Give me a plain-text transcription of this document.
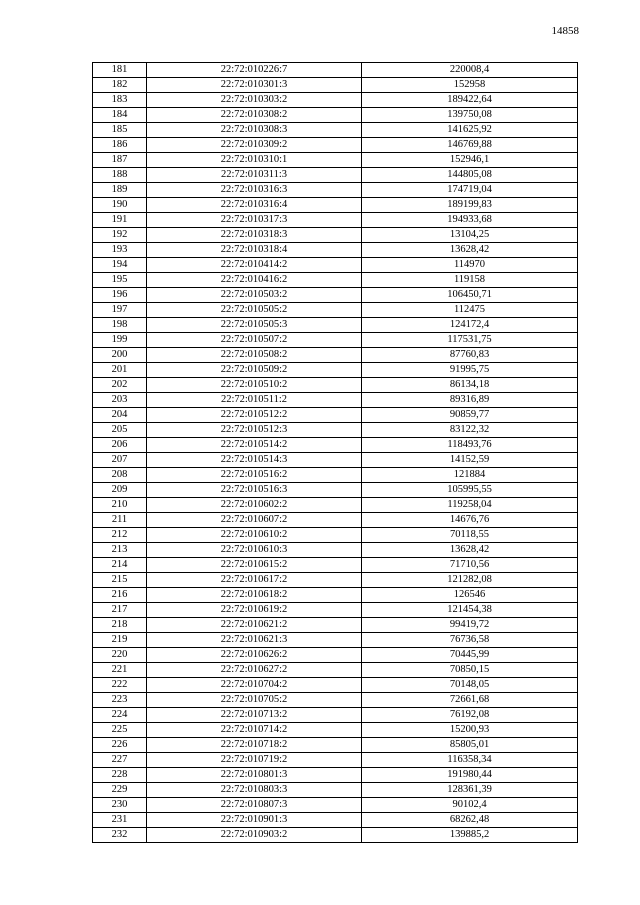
14858
181	22:72:010226:7	220008,4
182	22:72:010301:3	152958
183	22:72:010303:2	189422,64
184	22:72:010308:2	139750,08
185	22:72:010308:3	141625,92
186	22:72:010309:2	146769,88
187	22:72:010310:1	152946,1
188	22:72:010311:3	144805,08
189	22:72:010316:3	174719,04
190	22:72:010316:4	189199,83
191	22:72:010317:3	194933,68
192	22:72:010318:3	13104,25
193	22:72:010318:4	13628,42
194	22:72:010414:2	114970
195	22:72:010416:2	119158
196	22:72:010503:2	106450,71
197	22:72:010505:2	112475
198	22:72:010505:3	124172,4
199	22:72:010507:2	117531,75
200	22:72:010508:2	87760,83
201	22:72:010509:2	91995,75
202	22:72:010510:2	86134,18
203	22:72:010511:2	89316,89
204	22:72:010512:2	90859,77
205	22:72:010512:3	83122,32
206	22:72:010514:2	118493,76
207	22:72:010514:3	14152,59
208	22:72:010516:2	121884
209	22:72:010516:3	105995,55
210	22:72:010602:2	119258,04
211	22:72:010607:2	14676,76
212	22:72:010610:2	70118,55
213	22:72:010610:3	13628,42
214	22:72:010615:2	71710,56
215	22:72:010617:2	121282,08
216	22:72:010618:2	126546
217	22:72:010619:2	121454,38
218	22:72:010621:2	99419,72
219	22:72:010621:3	76736,58
220	22:72:010626:2	70445,99
221	22:72:010627:2	70850,15
222	22:72:010704:2	70148,05
223	22:72:010705:2	72661,68
224	22:72:010713:2	76192,08
225	22:72:010714:2	15200,93
226	22:72:010718:2	85805,01
227	22:72:010719:2	116358,34
228	22:72:010801:3	191980,44
229	22:72:010803:3	128361,39
230	22:72:010807:3	90102,4
231	22:72:010901:3	68262,48
232	22:72:010903:2	139885,2
